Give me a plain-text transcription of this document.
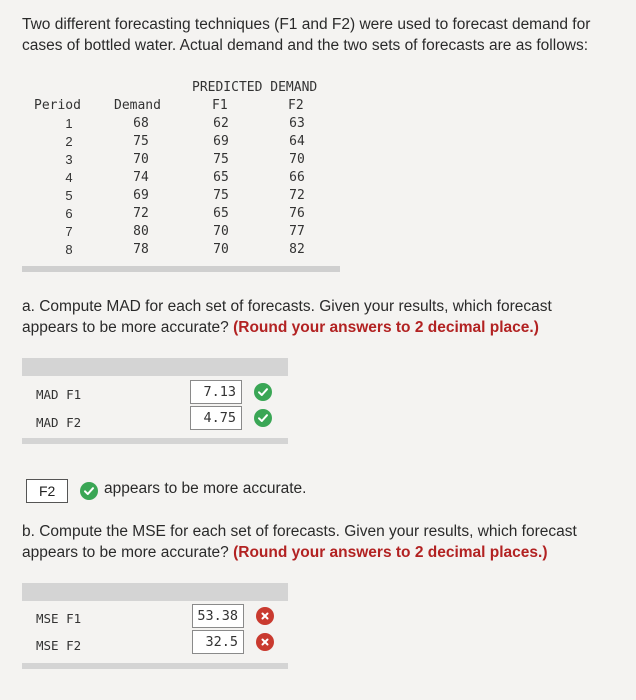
Two different forecasting techniques (F1 and F2) were used to forecast demand for
cases of bottled water. Actual demand and the two sets of forecasts are as follows:
PREDICTED DEMAND
Period	Demand	F1	F2
1	68	62	63
2	75	69	64
3	70	75	70
4	74	65	66
5	69	75	72
6	72	65	76
7	80	70	77
8	78	70	82
a. Compute MAD for each set of forecasts. Given your results, which forecast
appears to be more accurate? (Round your answers to 2 decimal place.)
MAD F1	7.13
MAD F2	4.75
F2	appears to be more accurate.
b. Compute the MSE for each set of forecasts. Given your results, which forecast
appears to be more accurate? (Round your answers to 2 decimal places.)
MSE F1	53.38
MSE F2	32.5
